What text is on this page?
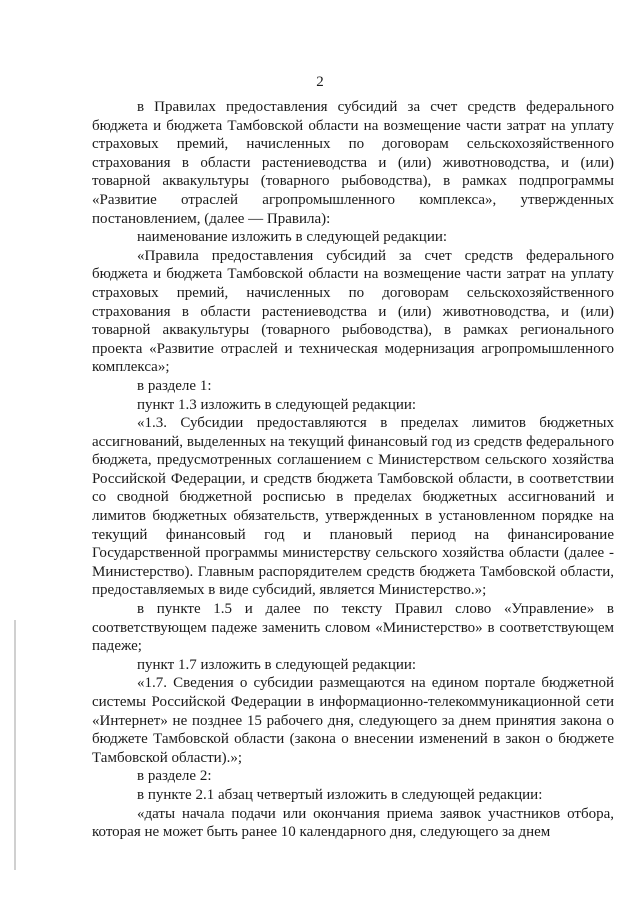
2

в Правилах предоставления субсидий за счет средств федерального бюджета и бюджета Тамбовской области на возмещение части затрат на уплату страховых премий, начисленных по договорам сельскохозяйственного страхования в области растениеводства и (или) животноводства, и (или) товарной аквакультуры (товарного рыбоводства), в рамках подпрограммы «Развитие отраслей агропромышленного комплекса», утвержденных постановлением, (далее — Правила):

наименование изложить в следующей редакции:

«Правила предоставления субсидий за счет средств федерального бюджета и бюджета Тамбовской области на возмещение части затрат на уплату страховых премий, начисленных по договорам сельскохозяйственного страхования в области растениеводства и (или) животноводства, и (или) товарной аквакультуры (товарного рыбоводства), в рамках регионального проекта «Развитие отраслей и техническая модернизация агропромышленного комплекса»;

в разделе 1:

пункт 1.3 изложить в следующей редакции:

«1.3. Субсидии предоставляются в пределах лимитов бюджетных ассигнований, выделенных на текущий финансовый год из средств федерального бюджета, предусмотренных соглашением с Министерством сельского хозяйства Российской Федерации, и средств бюджета Тамбовской области, в соответствии со сводной бюджетной росписью в пределах бюджетных ассигнований и лимитов бюджетных обязательств, утвержденных в установленном порядке на текущий финансовый год и плановый период на финансирование Государственной программы министерству сельского хозяйства области (далее - Министерство). Главным распорядителем средств бюджета Тамбовской области, предоставляемых в виде субсидий, является Министерство.»;

в пункте 1.5 и далее по тексту Правил слово «Управление» в соответствующем падеже заменить словом «Министерство» в соответствующем падеже;

пункт 1.7 изложить в следующей редакции:

«1.7. Сведения о субсидии размещаются на едином портале бюджетной системы Российской Федерации в информационно-телекоммуникационной сети «Интернет» не позднее 15 рабочего дня, следующего за днем принятия закона о бюджете Тамбовской области (закона о внесении изменений в закон о бюджете Тамбовской области).»;

в разделе 2:

в пункте 2.1 абзац четвертый изложить в следующей редакции:

«даты начала подачи или окончания приема заявок участников отбора, которая не может быть ранее 10 календарного дня, следующего за днем
